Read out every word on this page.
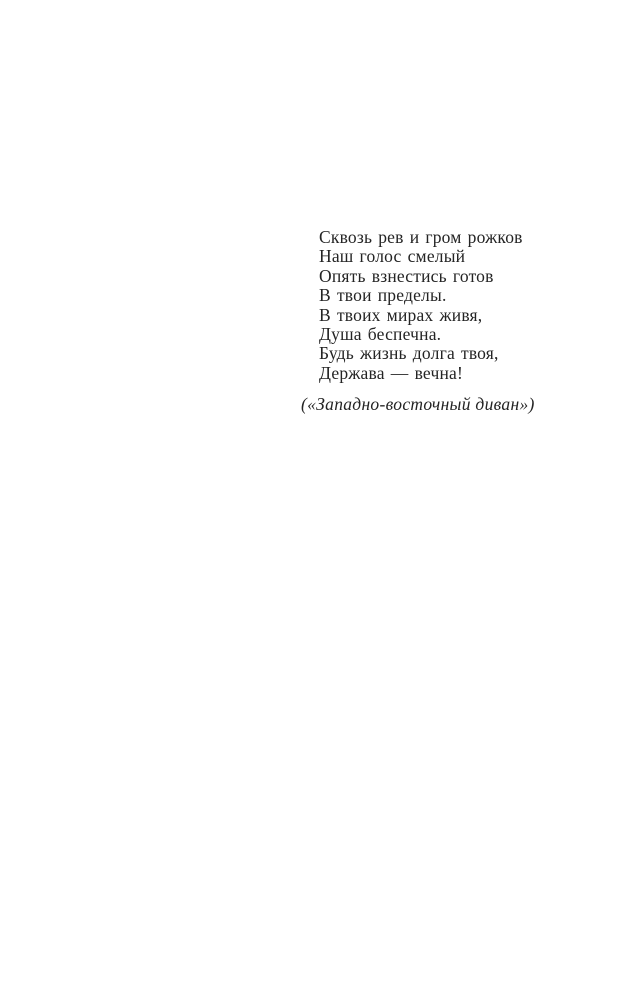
Сквозь рев и гром рожков
Наш голос смелый
Опять взнестись готов
В твои пределы.
В твоих мирах живя,
Душа беспечна.
Будь жизнь долга твоя,
Держава — вечна!
(«Западно-восточный диван»)
